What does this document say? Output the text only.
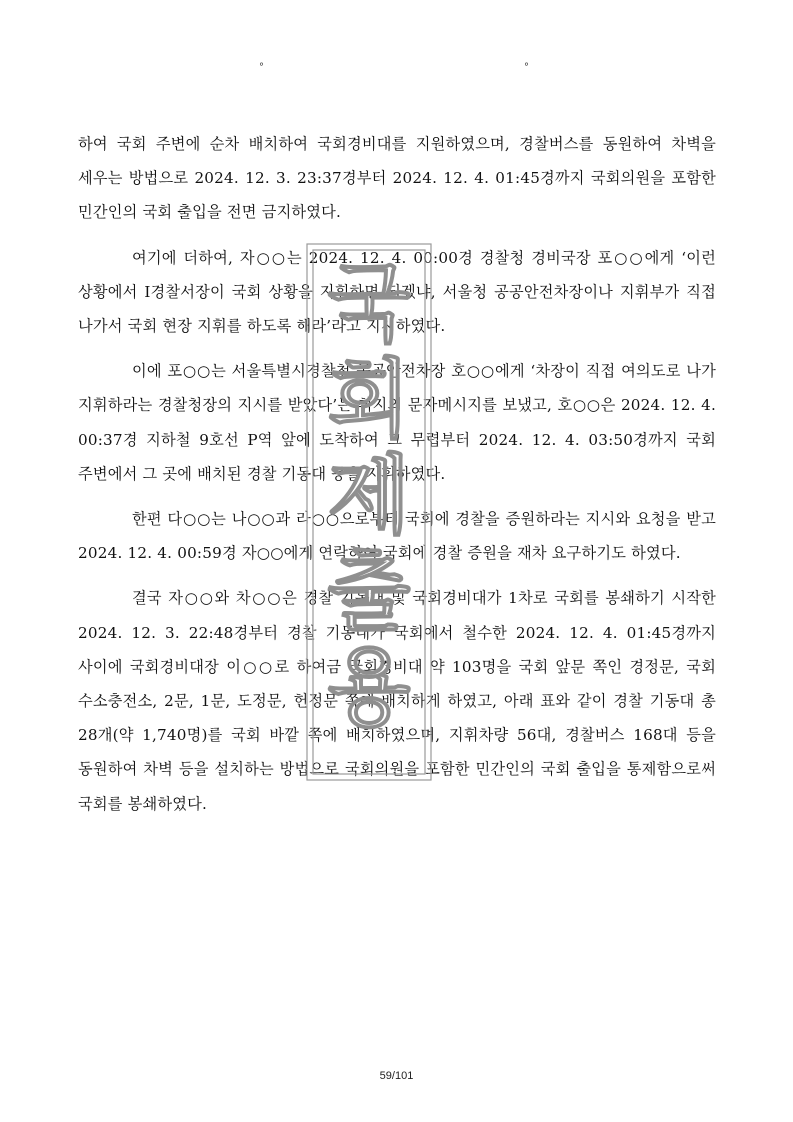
°	°

하여 국회 주변에 순차 배치하여 국회경비대를 지원하였으며, 경찰버스를 동원하여 차벽을 세우는 방법으로 2024. 12. 3. 23:37경부터 2024. 12. 4. 01:45경까지 국회의원을 포함한 민간인의 국회 출입을 전면 금지하였다.

여기에 더하여, 자○○는 2024. 12. 4. 00:00경 경찰청 경비국장 포○○에게 ‘이런 상황에서 I경찰서장이 국회 상황을 지휘하면 되겠냐, 서울청 공공안전차장이나 지휘부가 직접 나가서 국회 현장 지휘를 하도록 해라’라고 지시하였다.

이에 포○○는 서울특별시경찰청 공공안전차장 호○○에게 ‘차장이 직접 여의도로 나가 지휘하라는 경찰청장의 지시를 받았다’는 취지의 문자메시지를 보냈고, 호○○은 2024. 12. 4. 00:37경 지하철 9호선 P역 앞에 도착하여 그 무렵부터 2024. 12. 4. 03:50경까지 국회 주변에서 그 곳에 배치된 경찰 기동대 등을 지휘하였다.

한편 다○○는 나○○과 라○○으로부터 국회에 경찰을 증원하라는 지시와 요청을 받고 2024. 12. 4. 00:59경 자○○에게 연락하여 국회에 경찰 증원을 재차 요구하기도 하였다.

결국 자○○와 차○○은 경찰 기동대 및 국회경비대가 1차로 국회를 봉쇄하기 시작한 2024. 12. 3. 22:48경부터 경찰 기동대가 국회에서 철수한 2024. 12. 4. 01:45경까지 사이에 국회경비대장 이○○로 하여금 국회경비대 약 103명을 국회 앞문 쪽인 경정문, 국회 수소충전소, 2문, 1문, 도정문, 헌정문 쪽에 배치하게 하였고, 아래 표와 같이 경찰 기동대 총 28개(약 1,740명)를 국회 바깥 쪽에 배치하였으며, 지휘차량 56대, 경찰버스 168대 등을 동원하여 차벽 등을 설치하는 방법으로 국회의원을 포함한 민간인의 국회 출입을 통제함으로써 국회를 봉쇄하였다.

국
회
제
출
용
59/101
